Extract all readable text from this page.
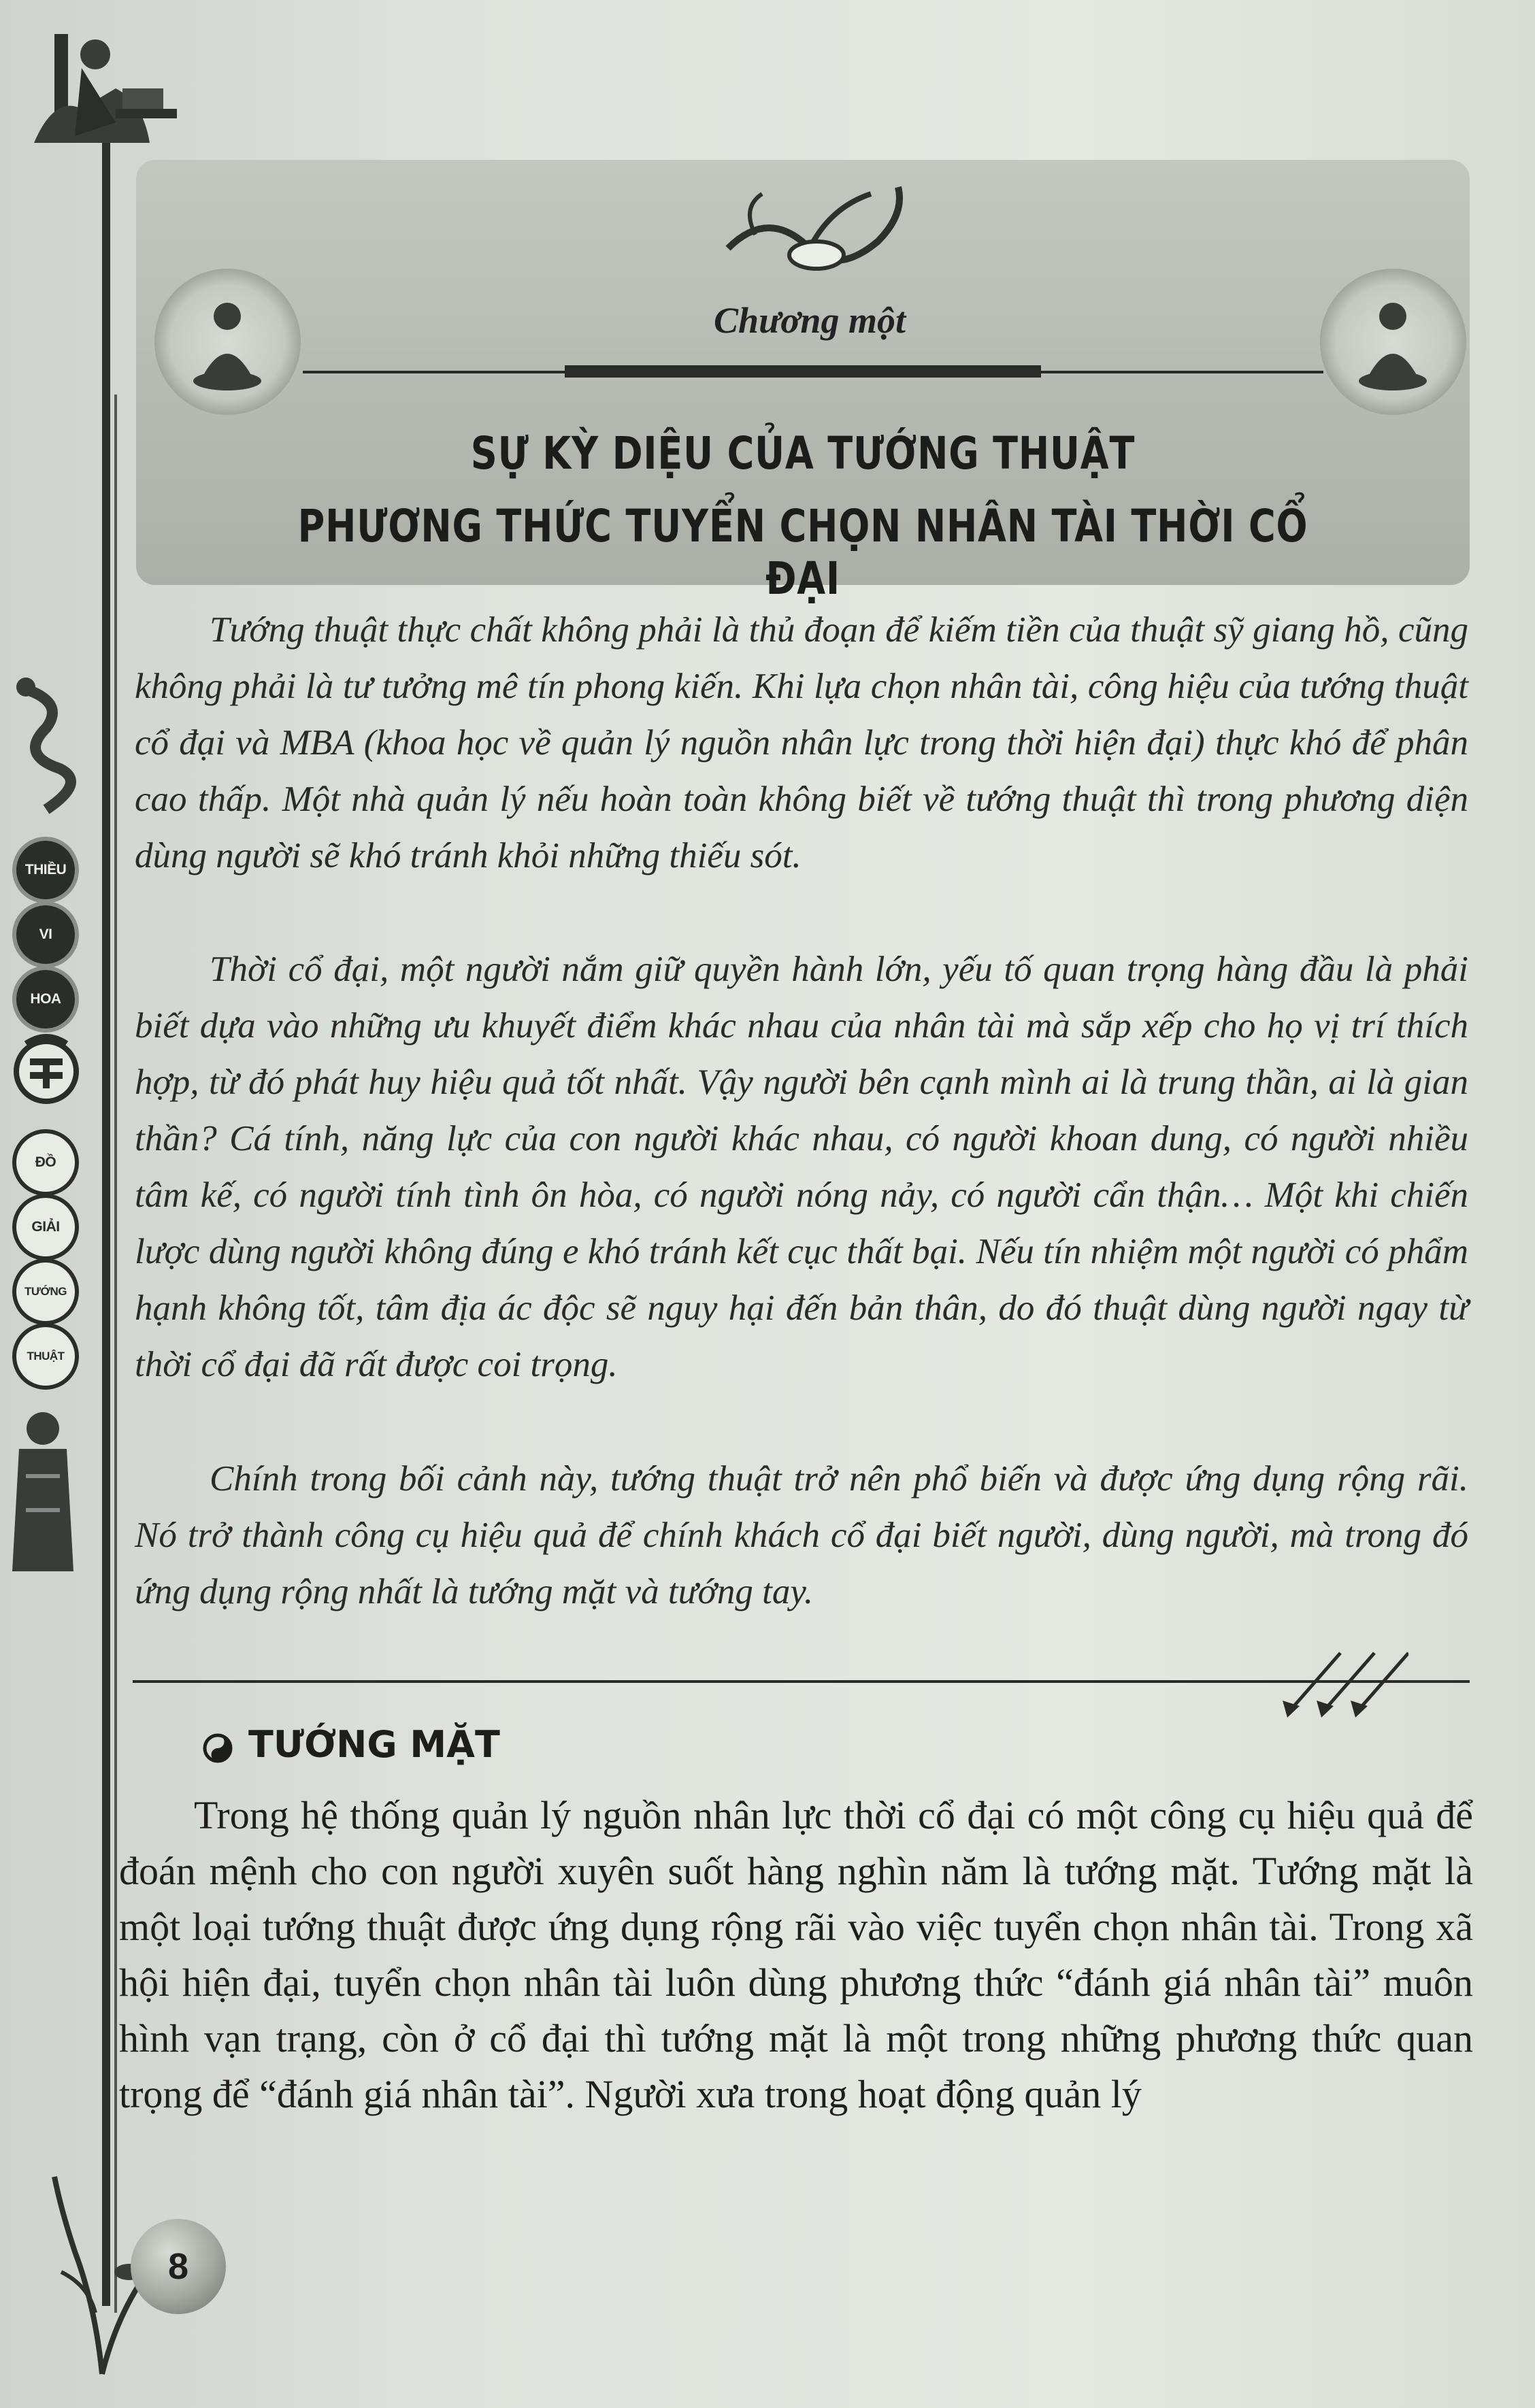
THIỀU
VI
HOA
ĐỒ
GIẢI
TƯỚNG
THUẬT
Chương một
SỰ KỲ DIỆU CỦA TƯỚNG THUẬT
PHƯƠNG THỨC TUYỂN CHỌN NHÂN TÀI THỜI CỔ ĐẠI

Tướng thuật thực chất không phải là thủ đoạn để kiếm tiền của thuật sỹ giang hồ, cũng không phải là tư tưởng mê tín phong kiến. Khi lựa chọn nhân tài, công hiệu của tướng thuật cổ đại và MBA (khoa học về quản lý nguồn nhân lực trong thời hiện đại) thực khó để phân cao thấp. Một nhà quản lý nếu hoàn toàn không biết về tướng thuật thì trong phương diện dùng người sẽ khó tránh khỏi những thiếu sót.

Thời cổ đại, một người nắm giữ quyền hành lớn, yếu tố quan trọng hàng đầu là phải biết dựa vào những ưu khuyết điểm khác nhau của nhân tài mà sắp xếp cho họ vị trí thích hợp, từ đó phát huy hiệu quả tốt nhất. Vậy người bên cạnh mình ai là trung thần, ai là gian thần? Cá tính, năng lực của con người khác nhau, có người khoan dung, có người nhiều tâm kế, có người tính tình ôn hòa, có người nóng nảy, có người cẩn thận… Một khi chiến lược dùng người không đúng e khó tránh kết cục thất bại. Nếu tín nhiệm một người có phẩm hạnh không tốt, tâm địa ác độc sẽ nguy hại đến bản thân, do đó thuật dùng người ngay từ thời cổ đại đã rất được coi trọng.

Chính trong bối cảnh này, tướng thuật trở nên phổ biến và được ứng dụng rộng rãi. Nó trở thành công cụ hiệu quả để chính khách cổ đại biết người, dùng người, mà trong đó ứng dụng rộng nhất là tướng mặt và tướng tay.

TƯỚNG MẶT

Trong hệ thống quản lý nguồn nhân lực thời cổ đại có một công cụ hiệu quả để đoán mệnh cho con người xuyên suốt hàng nghìn năm là tướng mặt. Tướng mặt là một loại tướng thuật được ứng dụng rộng rãi vào việc tuyển chọn nhân tài. Trong xã hội hiện đại, tuyển chọn nhân tài luôn dùng phương thức “đánh giá nhân tài” muôn hình vạn trạng, còn ở cổ đại thì tướng mặt là một trong những phương thức quan trọng để “đánh giá nhân tài”. Người xưa trong hoạt động quản lý

8
